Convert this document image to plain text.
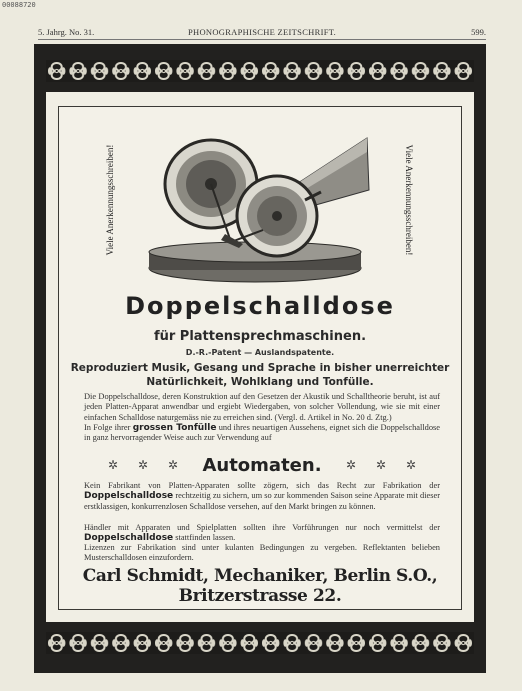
00088720
5. Jahrg. No. 31.	PHONOGRAPHISCHE ZEITSCHRIFT.	599.
Viele Anerkennungsschreiben!	Viele Anerkennungsschreiben!
Doppelschalldose
für Plattensprechmaschinen.
D.-R.-Patent — Auslandspatente.
Reproduziert Musik, Gesang und Sprache in bisher unerreichter
Natürlichkeit, Wohlklang und Tonfülle.
Die Doppelschalldose, deren Konstruktion auf den Gesetzen der Akustik und Schalltheorie beruht, ist auf jeden Platten-Apparat anwendbar und ergiebt Wiedergaben, von solcher Vollendung, wie sie mit einer einfachen Schalldose naturgemäss nie zu erreichen sind. (Vergl. d. Artikel in No. 20 d. Ztg.)
In Folge ihrer grossen Tonfülle und ihres neuartigen Aussehens, eignet sich die Doppelschalldose in ganz hervorragender Weise auch zur Verwendung auf
✲ ✲ ✲	Automaten.	✲ ✲ ✲
Kein Fabrikant von Platten-Apparaten sollte zögern, sich das Recht zur Fabrikation der Doppelschalldose rechtzeitig zu sichern, um so zur kommenden Saison seine Apparate mit dieser erstklassigen, konkurrenzlosen Schalldose versehen, auf den Markt bringen zu können.
Händler mit Apparaten und Spielplatten sollten ihre Vorführungen nur noch vermittelst der Doppelschalldose stattfinden lassen.
Lizenzen zur Fabrikation sind unter kulanten Bedingungen zu vergeben. Reflektanten belieben Musterschalldosen einzufordern.
Carl Schmidt, Mechaniker, Berlin S.O., Britzerstrasse 22.
